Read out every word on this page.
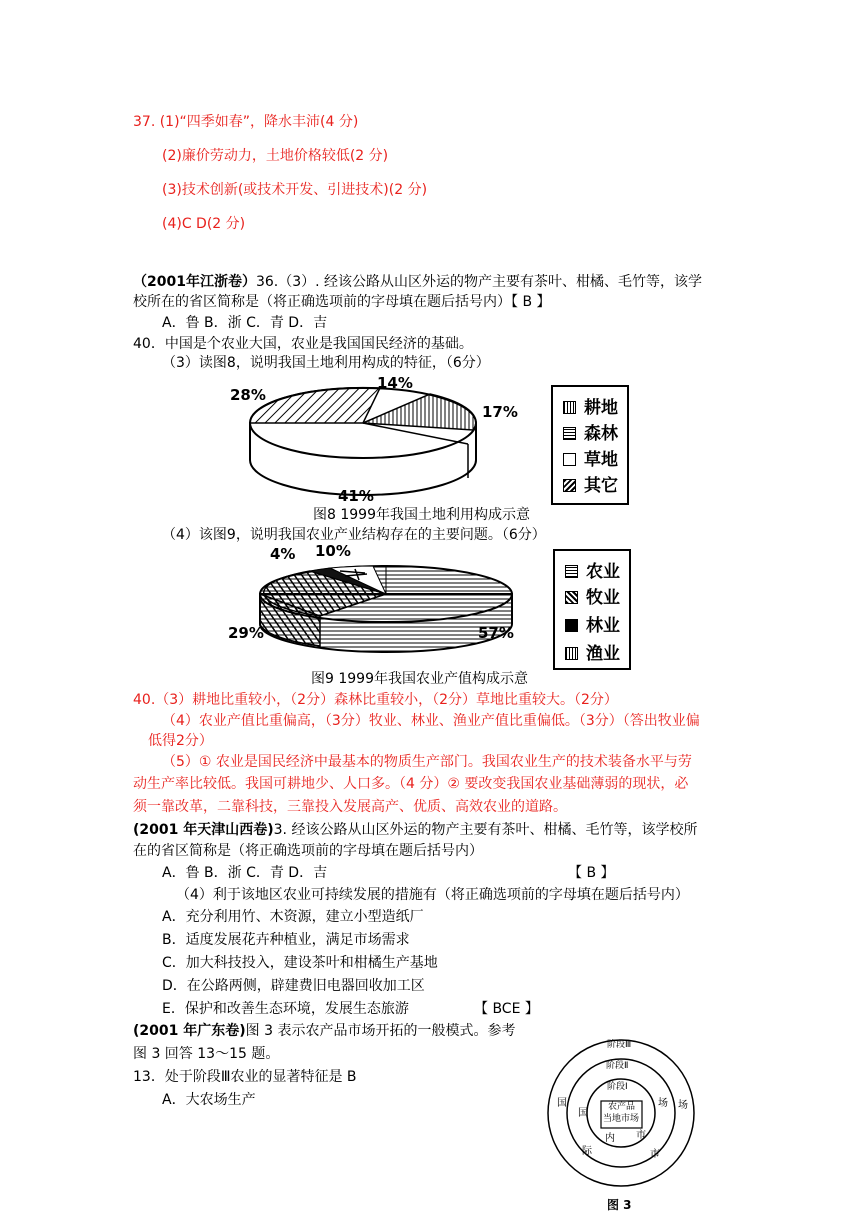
37. (1)“四季如春”，降水丰沛(4 分)
(2)廉价劳动力，土地价格较低(2 分)
(3)技术创新(或技术开发、引进技术)(2 分)
(4)C D(2 分)
（2001年江浙卷）36.（3）. 经该公路从山区外运的物产主要有茶叶、柑橘、毛竹等，该学
校所在的省区简称是（将正确选项前的字母填在题后括号内）【 B 】
A．鲁 B．浙 C．青 D．吉
40．中国是个农业大国，农业是我国国民经济的基础。
（3）读图8，说明我国土地利用构成的特征，（6分）
28%
14%
17%
41%
耕地
森林
草地
其它
图8 1999年我国土地利用构成示意
（4）该图9，说明我国农业产业结构存在的主要问题。（6分）
4% 10%
29%	57%
农业
牧业
林业
渔业
图9 1999年我国农业产值构成示意
40.（3）耕地比重较小，（2分）森林比重较小，（2分）草地比重较大。（2分）
（4）农业产值比重偏高，（3分）牧业、林业、渔业产值比重偏低。（3分）（答出牧业偏
低得2分）
（5）① 农业是国民经济中最基本的物质生产部门。我国农业生产的技术装备水平与劳
动生产率比较低。我国可耕地少、人口多。（4 分）② 要改变我国农业基础薄弱的现状，必
须一靠改革，二靠科技，三靠投入发展高产、优质、高效农业的道路。
(2001 年天津山西卷)3. 经该公路从山区外运的物产主要有茶叶、柑橘、毛竹等，该学校所
在的省区简称是（将正确选项前的字母填在题后括号内）
A．鲁 B．浙 C．青 D．吉	【 B 】
（4）利于该地区农业可持续发展的措施有（将正确选项前的字母填在题后括号内）
A．充分利用竹、木资源，建立小型造纸厂
B．适度发展花卉种植业，满足市场需求
C．加大科技投入，建设茶叶和柑橘生产基地
D．在公路两侧，辟建费旧电器回收加工区
E．保护和改善生态环境，发展生态旅游	【 BCE 】
(2001 年广东卷)图 3 表示农产品市场开拓的一般模式。参考
图 3 回答 13～15 题。
13．处于阶段Ⅲ农业的显著特征是 B
A．大农场生产
阶段Ⅲ
阶段Ⅱ
阶段Ⅰ
农产品
当地市场
国
国
场 场
内 市
际	市
图 3
